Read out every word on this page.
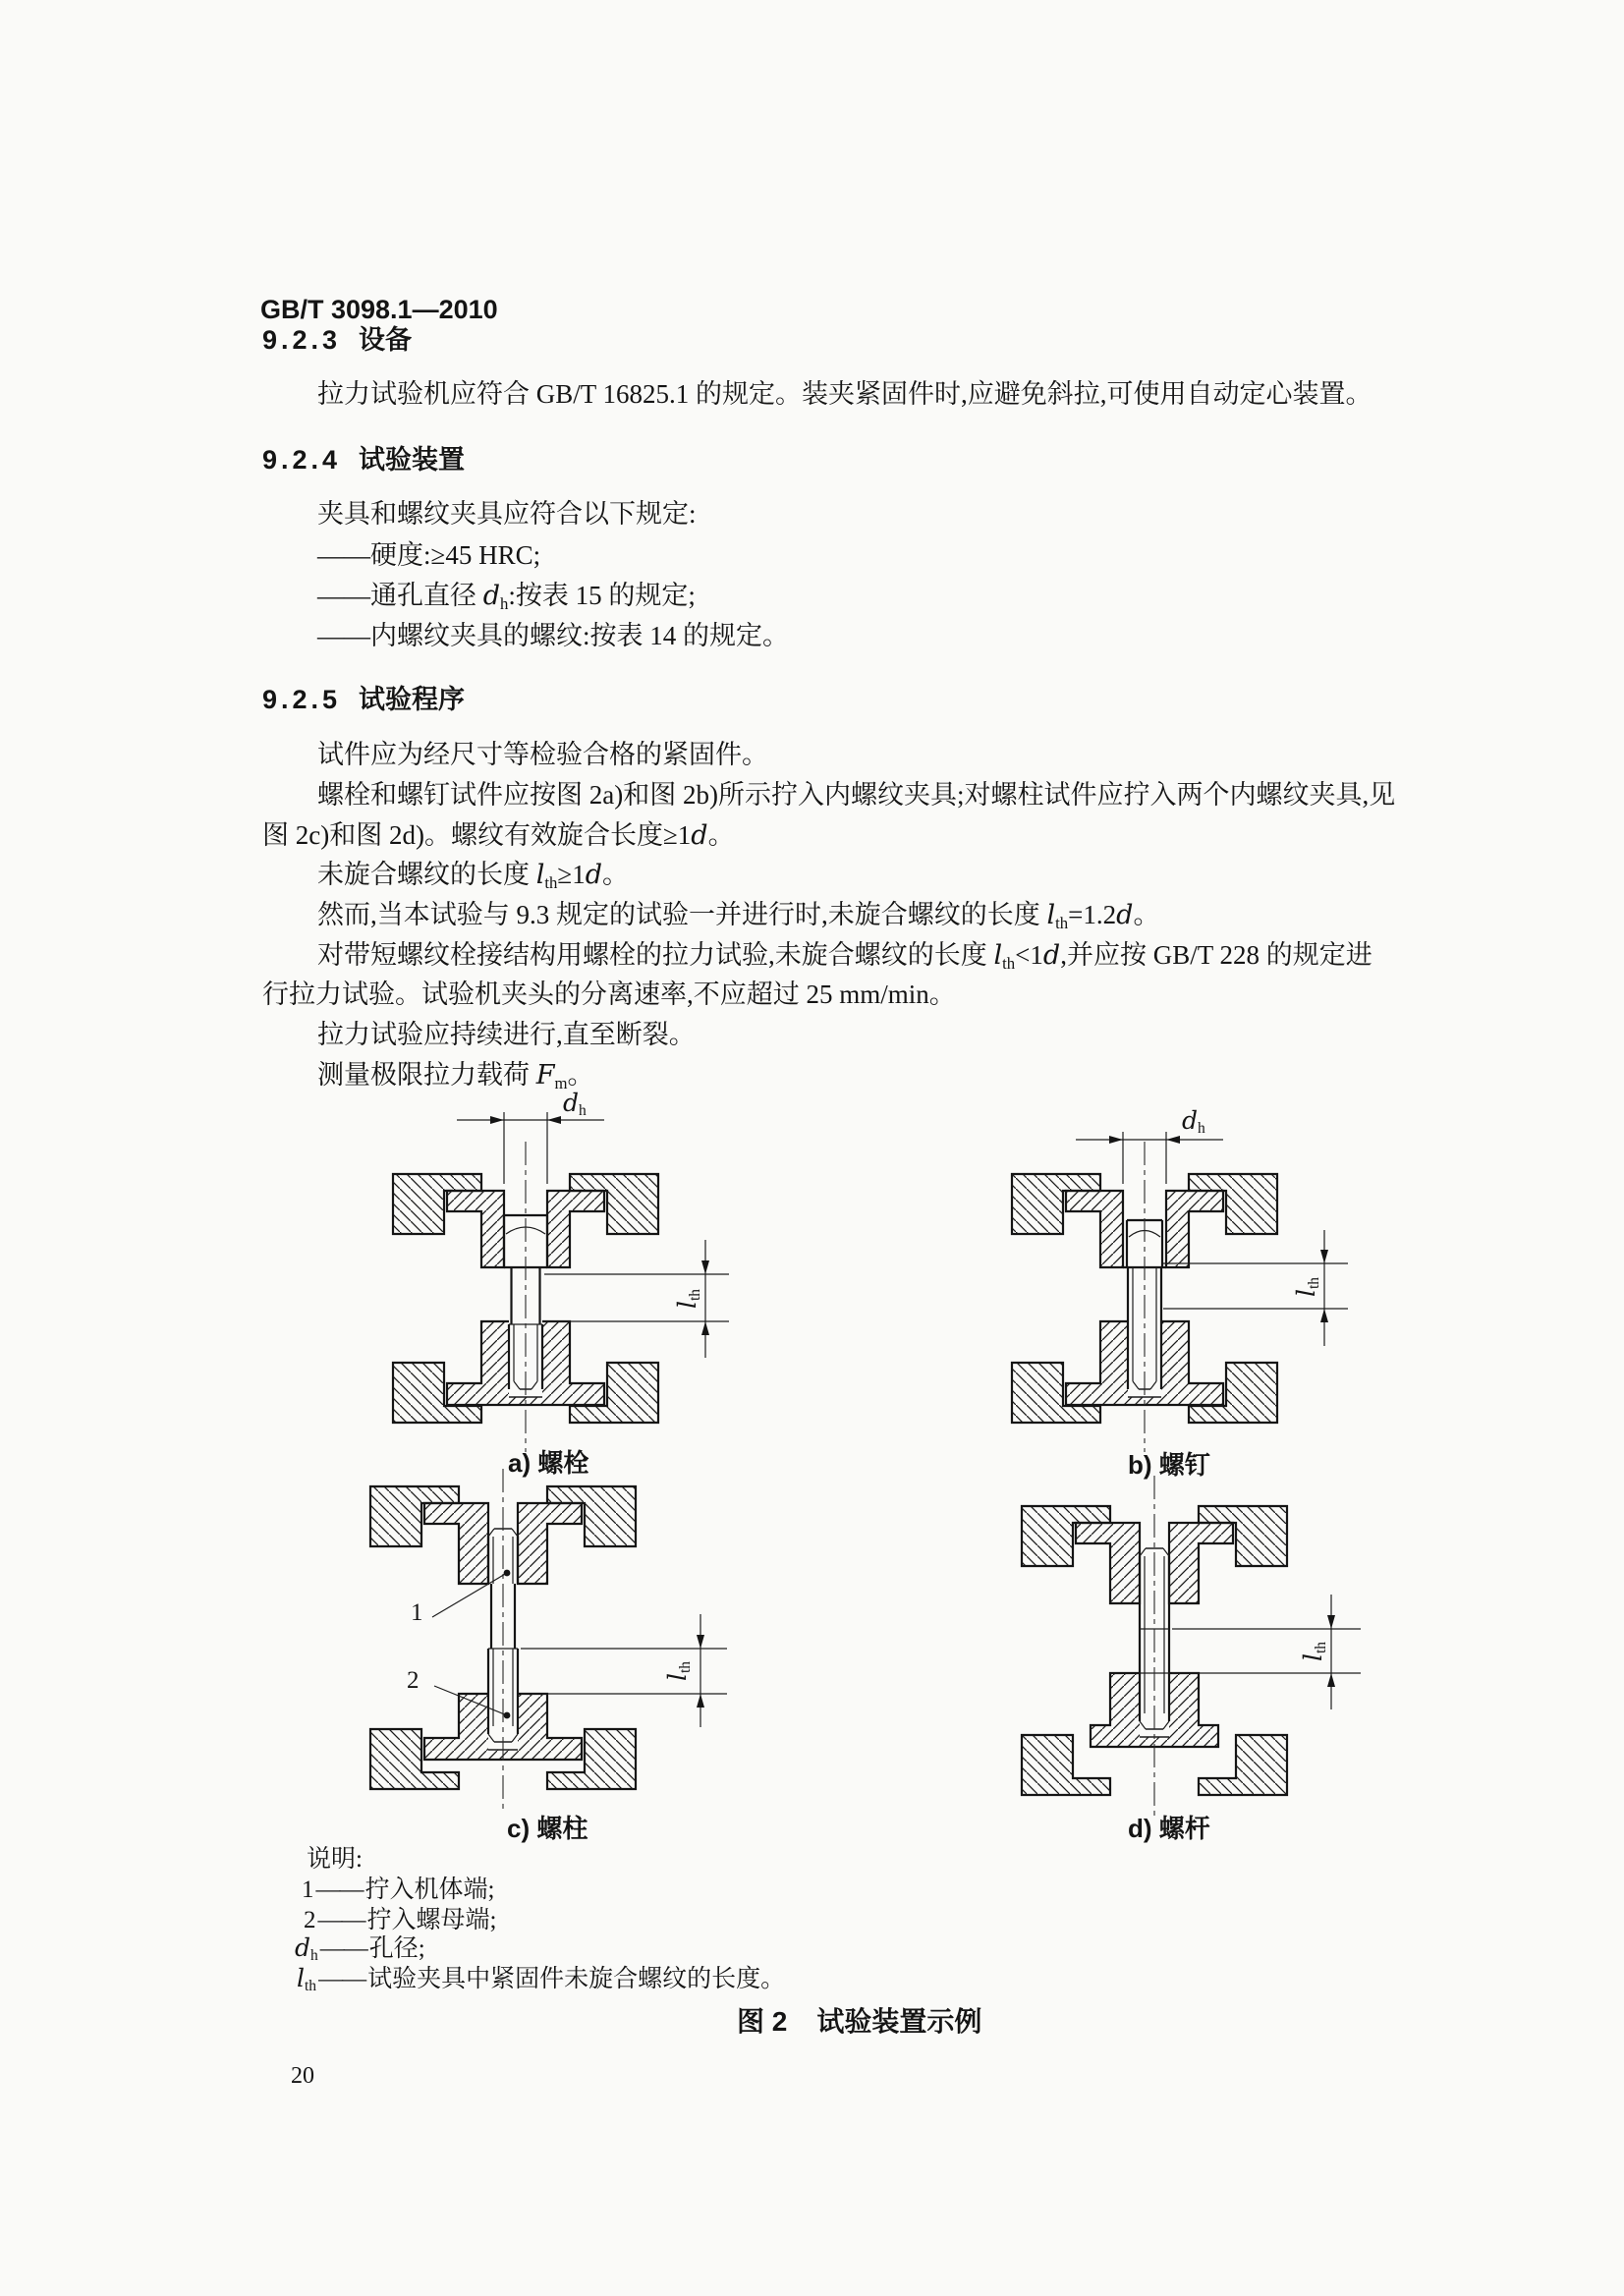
GB/T 3098.1—2010
9.2.3 设备
拉力试验机应符合 GB/T 16825.1 的规定。装夹紧固件时,应避免斜拉,可使用自动定心装置。
9.2.4 试验装置
夹具和螺纹夹具应符合以下规定:
——硬度:≥45 HRC;
——通孔直径 dh:按表 15 的规定;
——内螺纹夹具的螺纹:按表 14 的规定。
9.2.5 试验程序
试件应为经尺寸等检验合格的紧固件。
螺栓和螺钉试件应按图 2a)和图 2b)所示拧入内螺纹夹具;对螺柱试件应拧入两个内螺纹夹具,见
图 2c)和图 2d)。螺纹有效旋合长度≥1d。
未旋合螺纹的长度 lth≥1d。
然而,当本试验与 9.3 规定的试验一并进行时,未旋合螺纹的长度 lth=1.2d。
对带短螺纹栓接结构用螺栓的拉力试验,未旋合螺纹的长度 lth<1d,并应按 GB/T 228 的规定进
行拉力试验。试验机夹头的分离速率,不应超过 25 mm/min。
拉力试验应持续进行,直至断裂。
测量极限拉力载荷 Fm。
dh	dh
lth	lth
lth
lth
1
2
a) 螺栓	b) 螺钉
c) 螺柱	d) 螺杆
说明:
1——拧入机体端;
2——拧入螺母端;
dh——孔径;
lth——试验夹具中紧固件未旋合螺纹的长度。
图 2 试验装置示例
20
